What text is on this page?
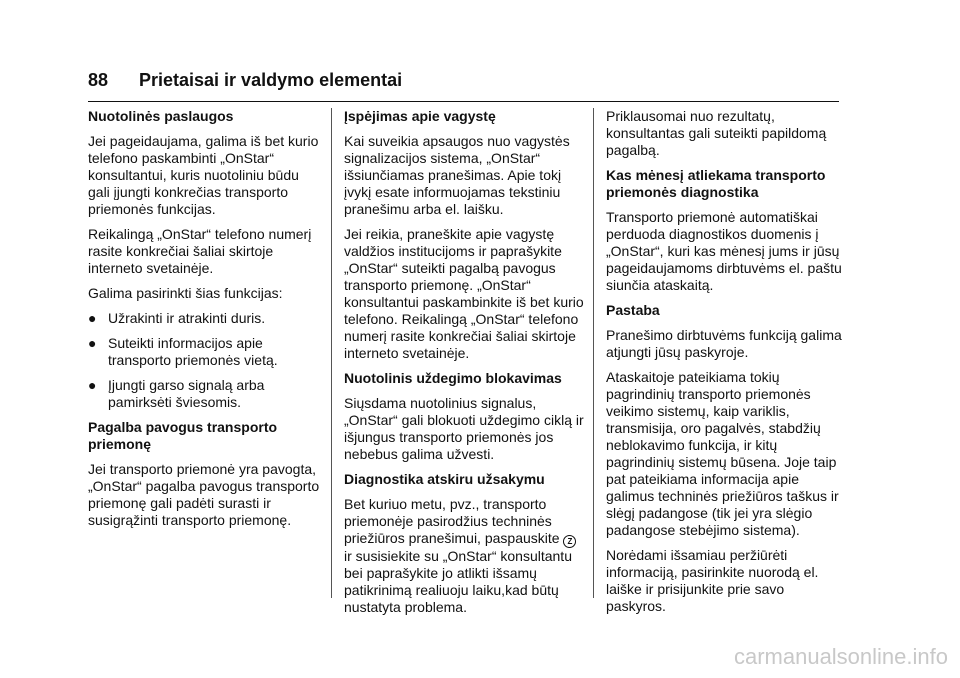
88 Prietaisai ir valdymo elementai
Nuotolinės paslaugos

Jei pageidaujama, galima iš bet kurio telefono paskambinti „OnStar“ konsultantui, kuris nuotoliniu būdu gali įjungti konkrečias transporto priemonės funkcijas.

Reikalingą „OnStar“ telefono numerį rasite konkrečiai šaliai skirtoje interneto svetainėje.

Galima pasirinkti šias funkcijas:

● Užrakinti ir atrakinti duris.
● Suteikti informacijos apie transporto priemonės vietą.
● Įjungti garso signalą arba pamirksėti šviesomis.
Pagalba pavogus transporto priemonę

Jei transporto priemonė yra pavogta, „OnStar“ pagalba pavogus transporto priemonę gali padėti surasti ir susigrąžinti transporto priemonę.

Įspėjimas apie vagystę

Kai suveikia apsaugos nuo vagystės signalizacijos sistema, „OnStar“ išsiunčiamas pranešimas. Apie tokį įvykį esate informuojamas tekstiniu pranešimu arba el. laišku.

Jei reikia, praneškite apie vagystę valdžios institucijoms ir paprašykite „OnStar“ suteikti pagalbą pavogus transporto priemonę. „OnStar“ konsultantui paskambinkite iš bet kurio telefono. Reikalingą „OnStar“ telefono numerį rasite konkrečiai šaliai skirtoje interneto svetainėje.

Nuotolinis uždegimo blokavimas

Siųsdama nuotolinius signalus, „OnStar“ gali blokuoti uždegimo ciklą ir išjungus transporto priemonės jos nebebus galima užvesti.

Diagnostika atskiru užsakymu

Bet kuriuo metu, pvz., transporto priemonėje pasirodžius techninės priežiūros pranešimui, paspauskite Z ir susisiekite su „OnStar“ konsultantu bei paprašykite jo atlikti išsamų patikrinimą realiuoju laiku,kad būtų nustatyta problema.

Priklausomai nuo rezultatų, konsultantas gali suteikti papildomą pagalbą.

Kas mėnesį atliekama transporto priemonės diagnostika

Transporto priemonė automatiškai perduoda diagnostikos duomenis į „OnStar“, kuri kas mėnesį jums ir jūsų pageidaujamoms dirbtuvėms el. paštu siunčia ataskaitą.

Pastaba

Pranešimo dirbtuvėms funkciją galima atjungti jūsų paskyroje.

Ataskaitoje pateikiama tokių pagrindinių transporto priemonės veikimo sistemų, kaip variklis, transmisija, oro pagalvės, stabdžių neblokavimo funkcija, ir kitų pagrindinių sistemų būsena. Joje taip pat pateikiama informacija apie galimus techninės priežiūros taškus ir slėgį padangose (tik jei yra slėgio padangose stebėjimo sistema).

Norėdami išsamiau peržiūrėti informaciją, pasirinkite nuorodą el. laiške ir prisijunkite prie savo paskyros.

carmanualsonline.info
